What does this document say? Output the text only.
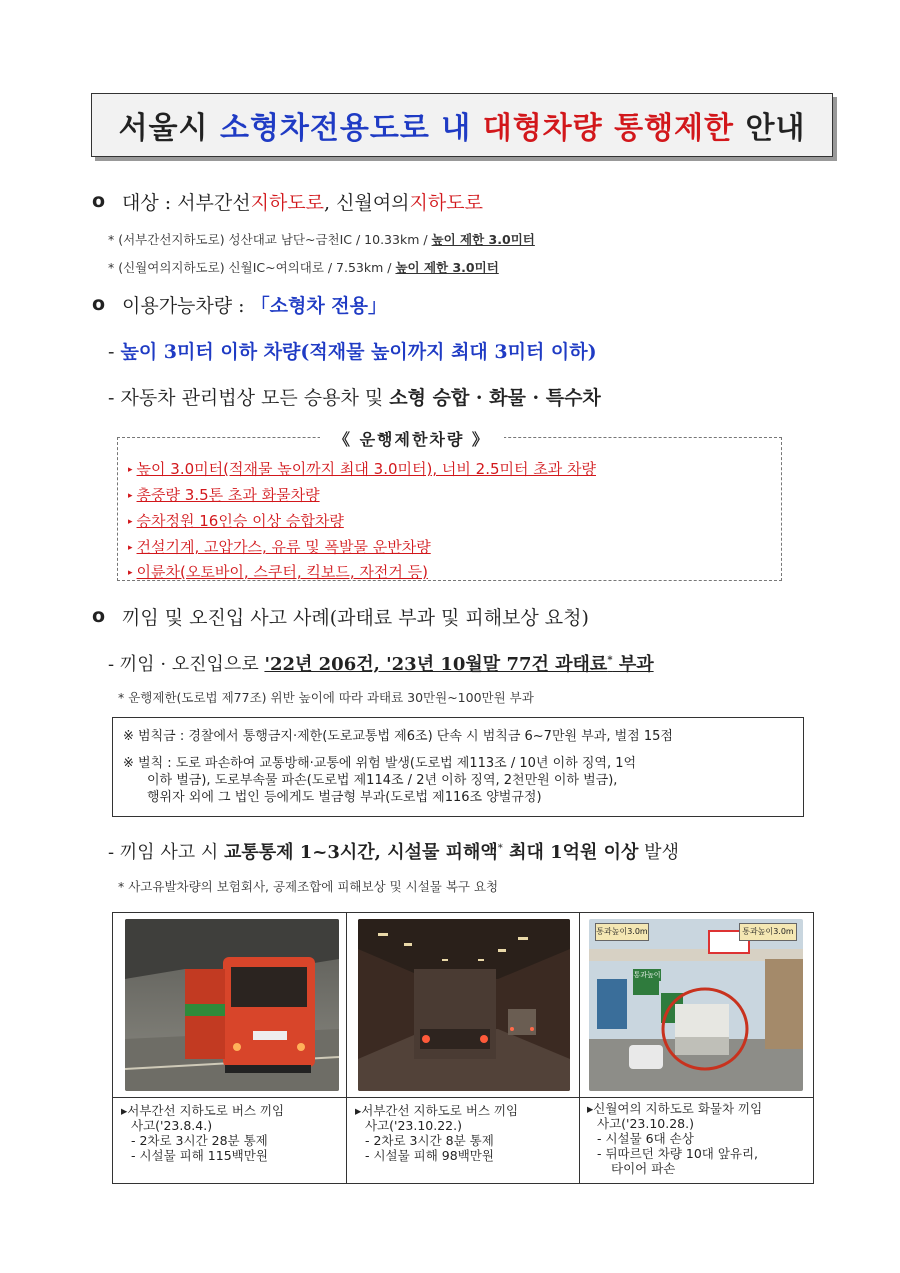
서울시
소형차전용도로 내
대형차량 통행제한
안내
o 대상 : 서부간선지하도로, 신월여의지하도로
* (서부간선지하도로) 성산대교 남단~금천IC / 10.33km / 높이 제한 3.0미터
* (신월여의지하도로) 신월IC~여의대로 / 7.53km / 높이 제한 3.0미터
o 이용가능차량 : 「소형차 전용」
- 높이 3미터 이하 차량(적재물 높이까지 최대 3미터 이하)
- 자동차 관리법상 모든 승용차 및 소형 승합 · 화물 · 특수차
《 운행제한차량 》
▸ 높이 3.0미터(적재물 높이까지 최대 3.0미터), 너비 2.5미터 초과 차량
▸ 총중량 3.5톤 초과 화물차량
▸ 승차정원 16인승 이상 승합차량
▸ 건설기계, 고압가스, 유류 및 폭발물 운반차량
▸ 이륜차(오토바이, 스쿠터, 킥보드, 자전거 등)
o 끼임 및 오진입 사고 사례(과태료 부과 및 피해보상 요청)
- 끼임 · 오진입으로 '22년 206건, '23년 10월말 77건 과태료* 부과
* 운행제한(도로법 제77조) 위반 높이에 따라 과태료 30만원~100만원 부과
※ 범칙금 : 경찰에서 통행금지·제한(도로교통법 제6조) 단속 시 범칙금 6~7만원 부과, 벌점 15점
※ 벌칙 : 도로 파손하여 교통방해·교통에 위험 발생(도로법 제113조 / 10년 이하 징역, 1억
이하 벌금), 도로부속물 파손(도로법 제114조 / 2년 이하 징역, 2천만원 이하 벌금),
행위자 외에 그 법인 등에게도 벌금형 부과(도로법 제116조 양벌규정)
- 끼임 사고 시 교통통제 1~3시간, 시설물 피해액* 최대 1억원 이상 발생
* 사고유발차량의 보험회사, 공제조합에 피해보상 및 시설물 복구 요청
통과높이3.0m	통과높이3.0m
통과높이
▸서부간선 지하도로 버스 끼임
사고('23.8.4.)
- 2차로 3시간 28분 통제
- 시설물 피해 115백만원
▸서부간선 지하도로 버스 끼임
사고('23.10.22.)
- 2차로 3시간 8분 통제
- 시설물 피해 98백만원
▸신월여의 지하도로 화물차 끼임
사고('23.10.28.)
- 시설물 6대 손상
- 뒤따르던 차량 10대 앞유리,
타이어 파손
